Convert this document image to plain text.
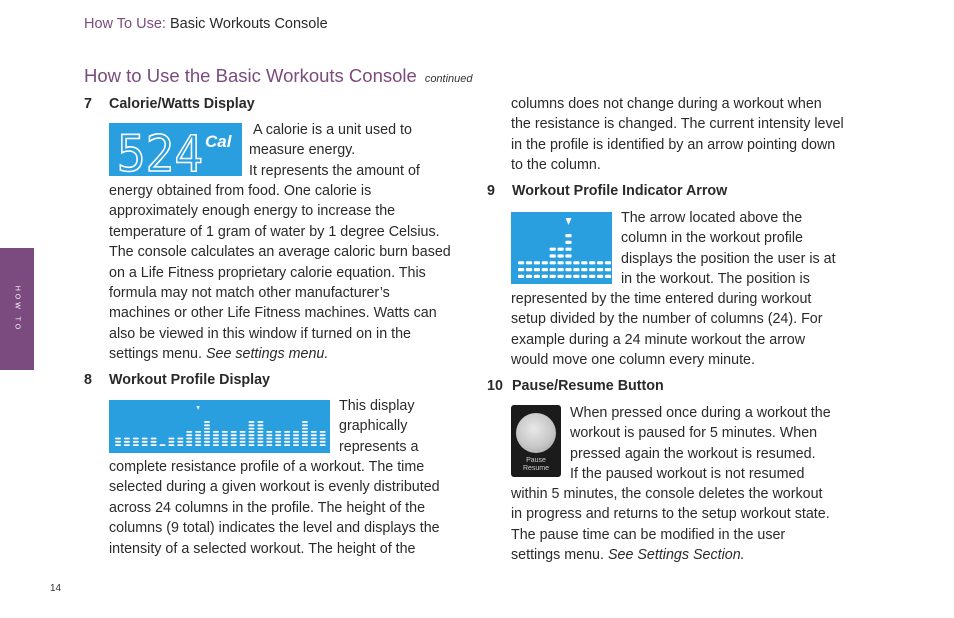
How To Use: Basic Workouts Console
How to Use the Basic Workouts Console continued
HOW TO
14
7 Calorie/Watts Display
524 Cal
A calorie is a unit used to
measure energy.
It represents the amount of
energy obtained from food. One calorie is
approximately enough energy to increase the
temperature of 1 gram of water by 1 degree Celsius.
The console calculates an average caloric burn based
on a Life Fitness proprietary calorie equation. This
formula may not match other manufacturer’s
machines or other Life Fitness machines. Watts can
also be viewed in this window if turned on in the
settings menu. See settings menu.
8 Workout Profile Display
This display
graphically
represents a
complete resistance profile of a workout. The time
selected during a given workout is evenly distributed
across 24 columns in the profile. The height of the
columns (9 total) indicates the level and displays the
intensity of a selected workout. The height of the
columns does not change during a workout when
the resistance is changed. The current intensity level
in the profile is identified by an arrow pointing down
to the column.
9 Workout Profile Indicator Arrow
The arrow located above the
column in the workout profile
displays the position the user is at
in the workout. The position is
represented by the time entered during workout
setup divided by the number of columns (24). For
example during a 24 minute workout the arrow
would move one column every minute.
10 Pause/Resume Button
Pause
Resume
When pressed once during a workout the
workout is paused for 5 minutes. When
pressed again the workout is resumed.
If the paused workout is not resumed
within 5 minutes, the console deletes the workout
in progress and returns to the setup workout state.
The pause time can be modified in the user
settings menu. See Settings Section.
